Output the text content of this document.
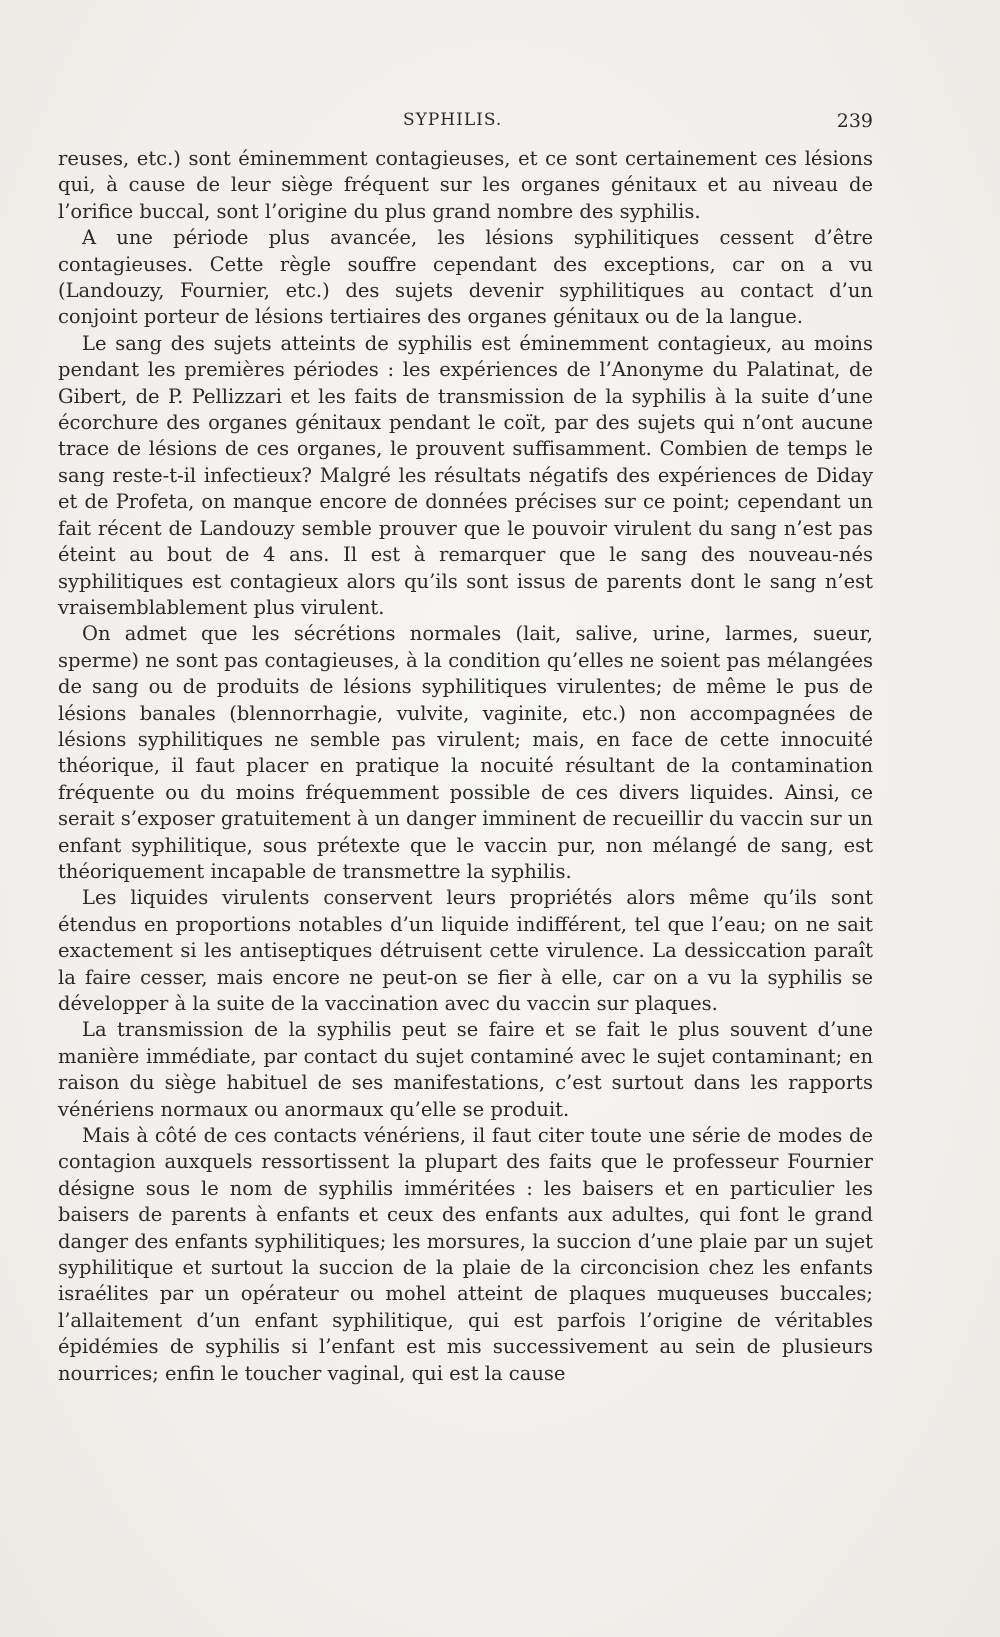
SYPHILIS.	239

reuses, etc.) sont éminemment contagieuses, et ce sont certainement ces lésions qui, à cause de leur siège fréquent sur les organes génitaux et au niveau de l’orifice buccal, sont l’origine du plus grand nombre des syphilis.

A une période plus avancée, les lésions syphilitiques cessent d’être contagieuses. Cette règle souffre cependant des exceptions, car on a vu (Landouzy, Fournier, etc.) des sujets devenir syphilitiques au contact d’un conjoint porteur de lésions tertiaires des organes génitaux ou de la langue.

Le sang des sujets atteints de syphilis est éminemment contagieux, au moins pendant les premières périodes : les expériences de l’Anonyme du Palatinat, de Gibert, de P. Pellizzari et les faits de transmission de la syphilis à la suite d’une écorchure des organes génitaux pendant le coït, par des sujets qui n’ont aucune trace de lésions de ces organes, le prouvent suffisamment. Combien de temps le sang reste-t-il infectieux? Malgré les résultats négatifs des expériences de Diday et de Profeta, on manque encore de données précises sur ce point; cependant un fait récent de Landouzy semble prouver que le pouvoir virulent du sang n’est pas éteint au bout de 4 ans. Il est à remarquer que le sang des nouveau-nés syphilitiques est contagieux alors qu’ils sont issus de parents dont le sang n’est vraisemblablement plus virulent.

On admet que les sécrétions normales (lait, salive, urine, larmes, sueur, sperme) ne sont pas contagieuses, à la condition qu’elles ne soient pas mélangées de sang ou de produits de lésions syphilitiques virulentes; de même le pus de lésions banales (blennorrhagie, vulvite, vaginite, etc.) non accompagnées de lésions syphilitiques ne semble pas virulent; mais, en face de cette innocuité théorique, il faut placer en pratique la nocuité résultant de la contamination fréquente ou du moins fréquemment possible de ces divers liquides. Ainsi, ce serait s’exposer gratuitement à un danger imminent de recueillir du vaccin sur un enfant syphilitique, sous prétexte que le vaccin pur, non mélangé de sang, est théoriquement incapable de transmettre la syphilis.

Les liquides virulents conservent leurs propriétés alors même qu’ils sont étendus en proportions notables d’un liquide indifférent, tel que l’eau; on ne sait exactement si les antiseptiques détruisent cette virulence. La dessiccation paraît la faire cesser, mais encore ne peut-on se fier à elle, car on a vu la syphilis se développer à la suite de la vaccination avec du vaccin sur plaques.

La transmission de la syphilis peut se faire et se fait le plus souvent d’une manière immédiate, par contact du sujet contaminé avec le sujet contaminant; en raison du siège habituel de ses manifestations, c’est surtout dans les rapports vénériens normaux ou anormaux qu’elle se produit.

Mais à côté de ces contacts vénériens, il faut citer toute une série de modes de contagion auxquels ressortissent la plupart des faits que le professeur Fournier désigne sous le nom de syphilis imméritées : les baisers et en particulier les baisers de parents à enfants et ceux des enfants aux adultes, qui font le grand danger des enfants syphilitiques; les morsures, la succion d’une plaie par un sujet syphilitique et surtout la succion de la plaie de la circoncision chez les enfants israélites par un opérateur ou mohel atteint de plaques muqueuses buccales; l’allaitement d’un enfant syphilitique, qui est parfois l’origine de véritables épidémies de syphilis si l’enfant est mis successivement au sein de plusieurs nourrices; enfin le toucher vaginal, qui est la cause
